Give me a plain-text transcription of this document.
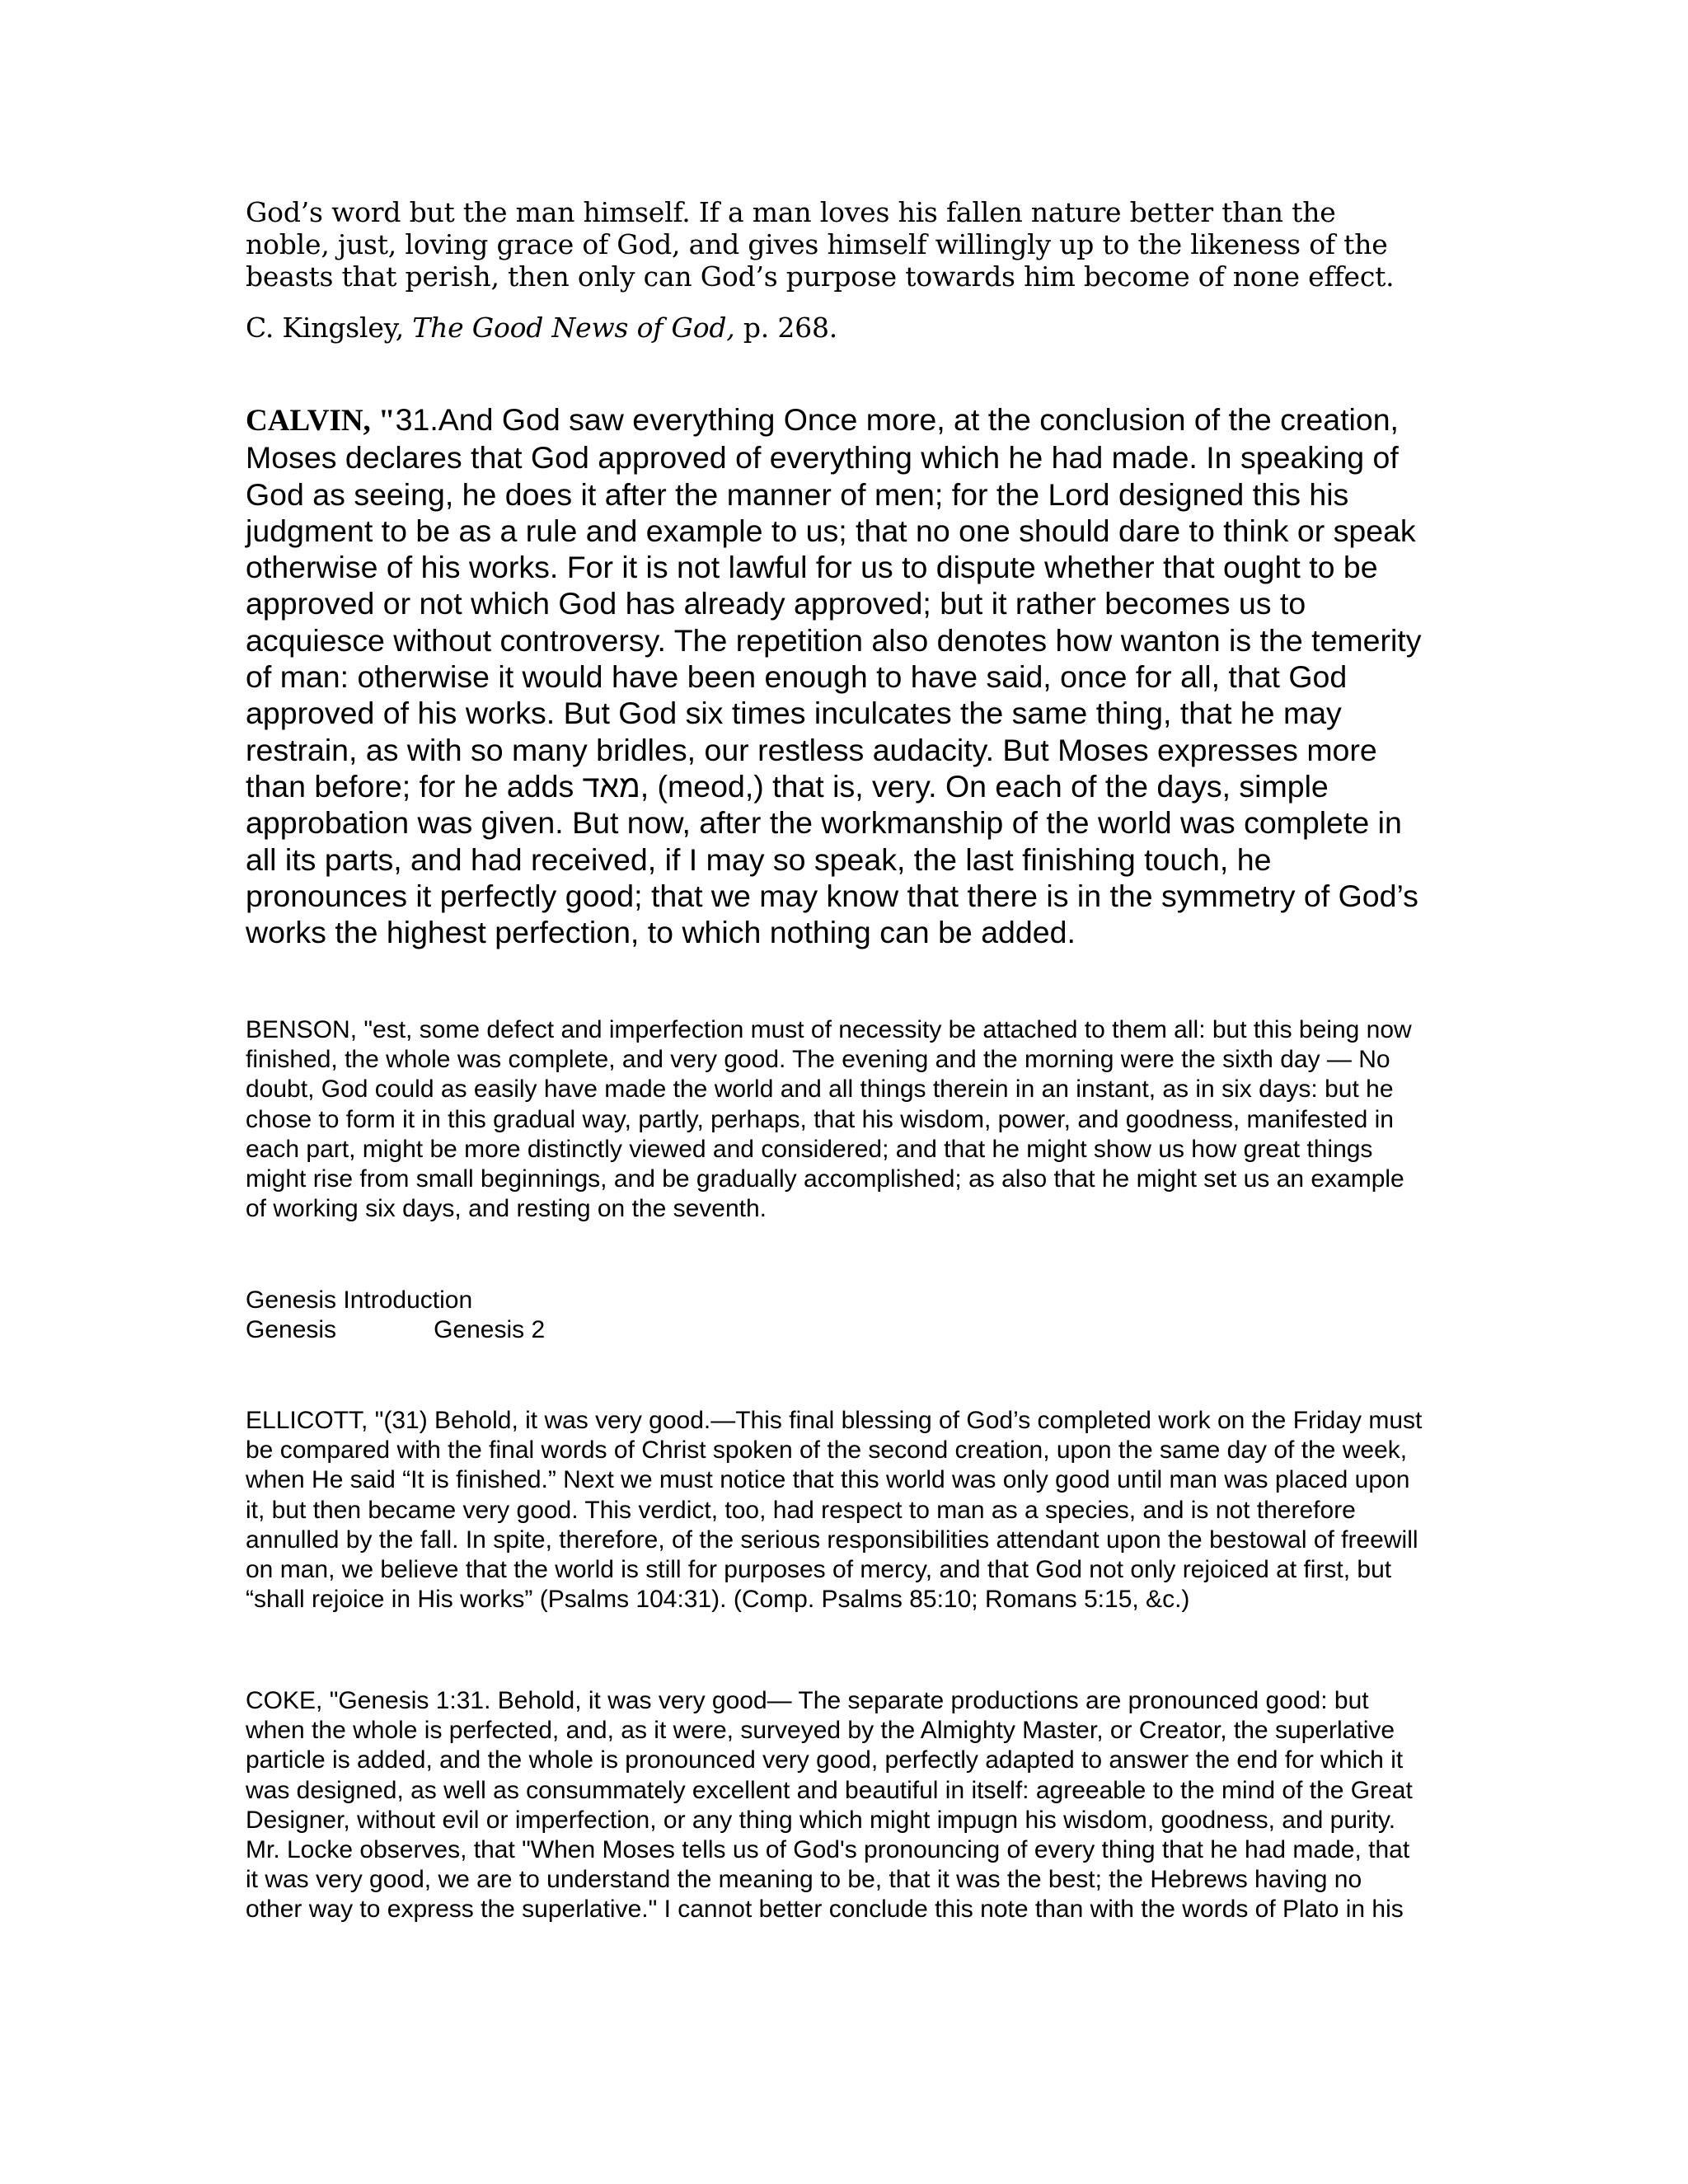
God’s word but the man himself. If a man loves his fallen nature better than the noble, just, loving grace of God, and gives himself willingly up to the likeness of the beasts that perish, then only can God’s purpose towards him become of none effect.

C. Kingsley, The Good News of God, p. 268.

CALVIN, "31.And God saw everything Once more, at the conclusion of the creation, Moses declares that God approved of everything which he had made. In speaking of God as seeing, he does it after the manner of men; for the Lord designed this his judgment to be as a rule and example to us; that no one should dare to think or speak otherwise of his works. For it is not lawful for us to dispute whether that ought to be approved or not which God has already approved; but it rather becomes us to acquiesce without controversy. The repetition also denotes how wanton is the temerity of man: otherwise it would have been enough to have said, once for all, that God approved of his works. But God six times inculcates the same thing, that he may restrain, as with so many bridles, our restless audacity. But Moses expresses more than before; for he adds מאד, (meod,) that is, very. On each of the days, simple approbation was given. But now, after the workmanship of the world was complete in all its parts, and had received, if I may so speak, the last finishing touch, he pronounces it perfectly good; that we may know that there is in the symmetry of God’s works the highest perfection, to which nothing can be added.

BENSON, "est, some defect and imperfection must of necessity be attached to them all: but this being now finished, the whole was complete, and very good. The evening and the morning were the sixth day — No doubt, God could as easily have made the world and all things therein in an instant, as in six days: but he chose to form it in this gradual way, partly, perhaps, that his wisdom, power, and goodness, manifested in each part, might be more distinctly viewed and considered; and that he might show us how great things might rise from small beginnings, and be gradually accomplished; as also that he might set us an example of working six days, and resting on the seventh.

Genesis Introduction
Genesis	Genesis 2

ELLICOTT, "(31) Behold, it was very good.—This final blessing of God’s completed work on the Friday must be compared with the final words of Christ spoken of the second creation, upon the same day of the week, when He said “It is finished.” Next we must notice that this world was only good until man was placed upon it, but then became very good. This verdict, too, had respect to man as a species, and is not therefore annulled by the fall. In spite, therefore, of the serious responsibilities attendant upon the bestowal of freewill on man, we believe that the world is still for purposes of mercy, and that God not only rejoiced at first, but “shall rejoice in His works” (Psalms 104:31). (Comp. Psalms 85:10; Romans 5:15, &c.)

COKE, "Genesis 1:31. Behold, it was very good— The separate productions are pronounced good: but when the whole is perfected, and, as it were, surveyed by the Almighty Master, or Creator, the superlative particle is added, and the whole is pronounced very good, perfectly adapted to answer the end for which it was designed, as well as consummately excellent and beautiful in itself: agreeable to the mind of the Great Designer, without evil or imperfection, or any thing which might impugn his wisdom, goodness, and purity. Mr. Locke observes, that "When Moses tells us of God's pronouncing of every thing that he had made, that it was very good, we are to understand the meaning to be, that it was the best; the Hebrews having no other way to express the superlative." I cannot better conclude this note than with the words of Plato in his
